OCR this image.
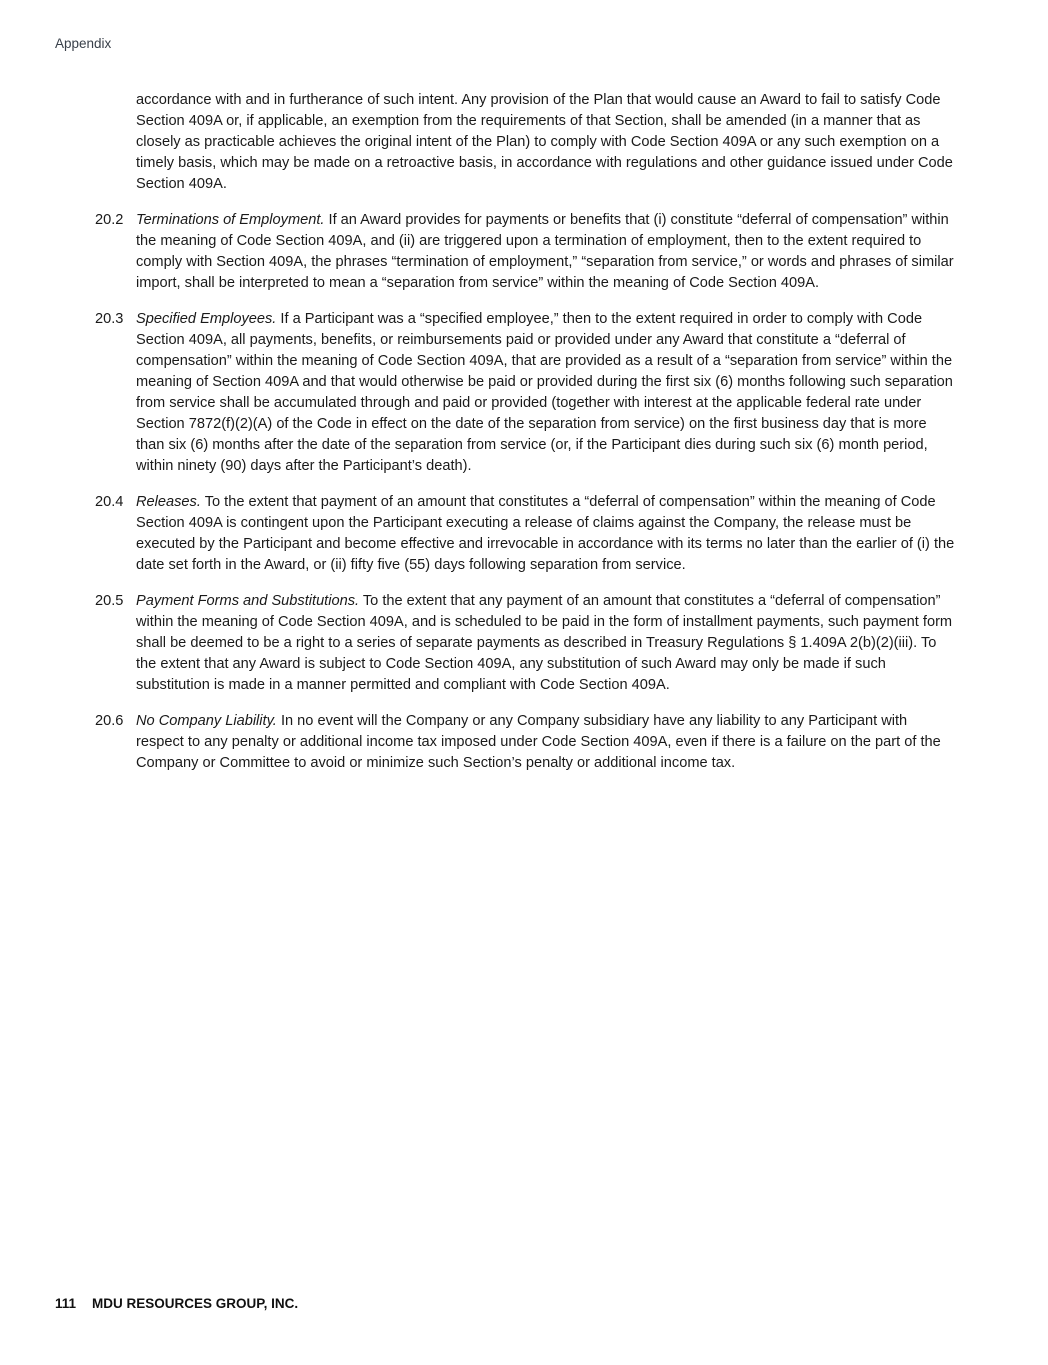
Appendix

accordance with and in furtherance of such intent. Any provision of the Plan that would cause an Award to fail to satisfy Code Section 409A or, if applicable, an exemption from the requirements of that Section, shall be amended (in a manner that as closely as practicable achieves the original intent of the Plan) to comply with Code Section 409A or any such exemption on a timely basis, which may be made on a retroactive basis, in accordance with regulations and other guidance issued under Code Section 409A.

20.2 Terminations of Employment. If an Award provides for payments or benefits that (i) constitute “deferral of compensation” within the meaning of Code Section 409A, and (ii) are triggered upon a termination of employment, then to the extent required to comply with Section 409A, the phrases “termination of employment,” “separation from service,” or words and phrases of similar import, shall be interpreted to mean a “separation from service” within the meaning of Code Section 409A.

20.3 Specified Employees. If a Participant was a “specified employee,” then to the extent required in order to comply with Code Section 409A, all payments, benefits, or reimbursements paid or provided under any Award that constitute a “deferral of compensation” within the meaning of Code Section 409A, that are provided as a result of a “separation from service” within the meaning of Section 409A and that would otherwise be paid or provided during the first six (6) months following such separation from service shall be accumulated through and paid or provided (together with interest at the applicable federal rate under Section 7872(f)(2)(A) of the Code in effect on the date of the separation from service) on the first business day that is more than six (6) months after the date of the separation from service (or, if the Participant dies during such six (6) month period, within ninety (90) days after the Participant’s death).

20.4 Releases. To the extent that payment of an amount that constitutes a “deferral of compensation” within the meaning of Code Section 409A is contingent upon the Participant executing a release of claims against the Company, the release must be executed by the Participant and become effective and irrevocable in accordance with its terms no later than the earlier of (i) the date set forth in the Award, or (ii) fifty five (55) days following separation from service.

20.5 Payment Forms and Substitutions. To the extent that any payment of an amount that constitutes a “deferral of compensation” within the meaning of Code Section 409A, and is scheduled to be paid in the form of installment payments, such payment form shall be deemed to be a right to a series of separate payments as described in Treasury Regulations § 1.409A 2(b)(2)(iii). To the extent that any Award is subject to Code Section 409A, any substitution of such Award may only be made if such substitution is made in a manner permitted and compliant with Code Section 409A.

20.6 No Company Liability. In no event will the Company or any Company subsidiary have any liability to any Participant with respect to any penalty or additional income tax imposed under Code Section 409A, even if there is a failure on the part of the Company or Committee to avoid or minimize such Section’s penalty or additional income tax.

111 MDU RESOURCES GROUP, INC.
